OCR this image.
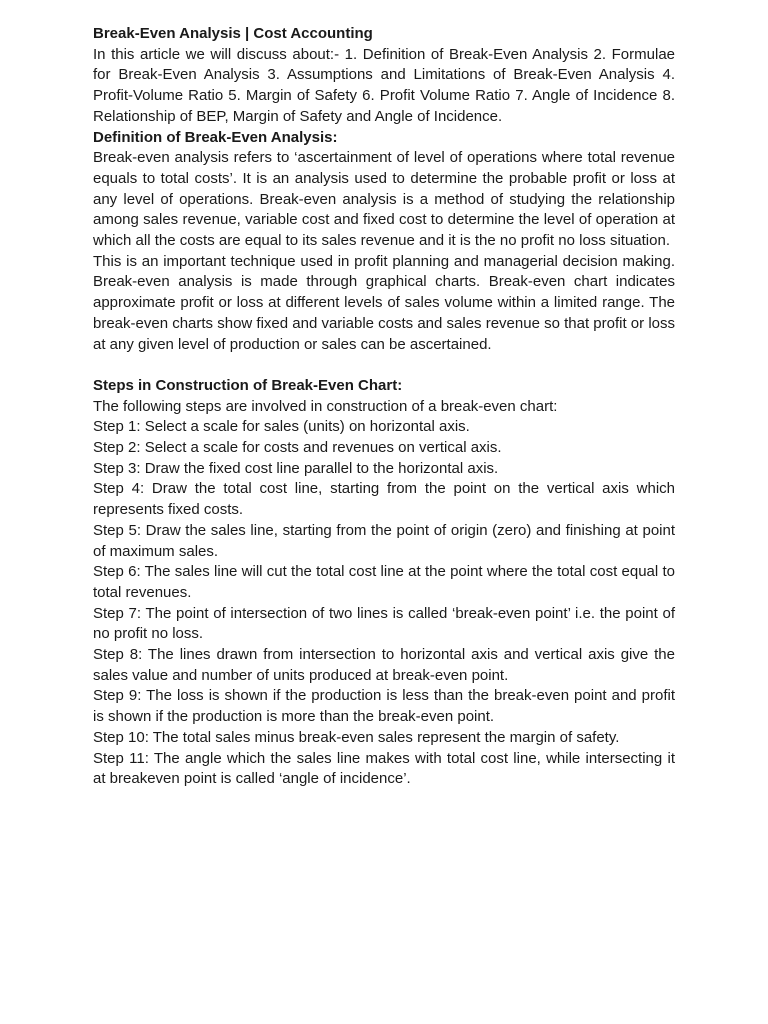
Break-Even Analysis | Cost Accounting

In this article we will discuss about:- 1. Definition of Break-Even Analysis 2. Formulae for Break-Even Analysis 3. Assumptions and Limitations of Break-Even Analysis 4. Profit-Volume Ratio 5. Margin of Safety 6. Profit Volume Ratio 7. Angle of Incidence 8. Relationship of BEP, Margin of Safety and Angle of Incidence.

Definition of Break-Even Analysis:

Break-even analysis refers to ‘ascertainment of level of operations where total revenue equals to total costs’. It is an analysis used to determine the probable profit or loss at any level of operations. Break-even analysis is a method of studying the relationship among sales revenue, variable cost and fixed cost to determine the level of operation at which all the costs are equal to its sales revenue and it is the no profit no loss situation.

This is an important technique used in profit planning and managerial decision making. Break-even analysis is made through graphical charts. Break-even chart indicates approximate profit or loss at different levels of sales volume within a limited range. The break-even charts show fixed and variable costs and sales revenue so that profit or loss at any given level of production or sales can be ascertained.

Steps in Construction of Break-Even Chart:

The following steps are involved in construction of a break-even chart:

Step 1: Select a scale for sales (units) on horizontal axis.

Step 2: Select a scale for costs and revenues on vertical axis.

Step 3: Draw the fixed cost line parallel to the horizontal axis.

Step 4: Draw the total cost line, starting from the point on the vertical axis which represents fixed costs.

Step 5: Draw the sales line, starting from the point of origin (zero) and finishing at point of maximum sales.

Step 6: The sales line will cut the total cost line at the point where the total cost equal to total revenues.

Step 7: The point of intersection of two lines is called ‘break-even point’ i.e. the point of no profit no loss.

Step 8: The lines drawn from intersection to horizontal axis and vertical axis give the sales value and number of units produced at break-even point.

Step 9: The loss is shown if the production is less than the break-even point and profit is shown if the production is more than the break-even point.

Step 10: The total sales minus break-even sales represent the margin of safety.

Step 11: The angle which the sales line makes with total cost line, while intersecting it at breakeven point is called ‘angle of incidence’.
